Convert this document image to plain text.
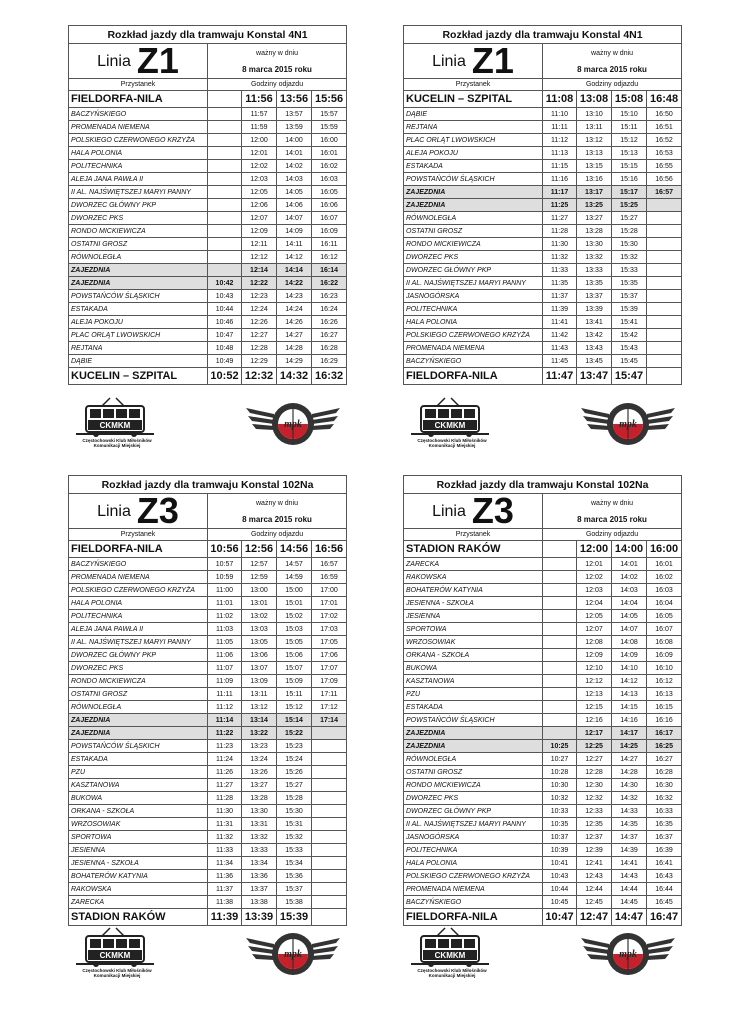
Rozkład jazdy dla tramwaju Konstal 4N1				
Linia Z1	ważny w dniu
8 marca 2015 roku			

Przystanek	Godziny odjazdu			
FIELDORFA-NILA		11:56	13:56	15:56
BACZYŃSKIEGO		11:57	13:57	15:57
PROMENADA NIEMENA		11:59	13:59	15:59
POLSKIEGO CZERWONEGO KRZYŻA		12:00	14:00	16:00
HALA POLONIA		12:01	14:01	16:01
POLITECHNIKA		12:02	14:02	16:02
ALEJA JANA PAWŁA II		12:03	14:03	16:03
II AL. NAJŚWIĘTSZEJ MARYI PANNY		12:05	14:05	16:05
DWORZEC GŁÓWNY PKP		12:06	14:06	16:06
DWORZEC PKS		12:07	14:07	16:07
RONDO MICKIEWICZA		12:09	14:09	16:09
OSTATNI GROSZ		12:11	14:11	16:11
RÓWNOLEGŁA		12:12	14:12	16:12
ZAJEZDNIA		12:14	14:14	16:14
ZAJEZDNIA	10:42	12:22	14:22	16:22
POWSTAŃCÓW ŚLĄSKICH	10:43	12:23	14:23	16:23
ESTAKADA	10:44	12:24	14:24	16:24
ALEJA POKOJU	10:46	12:26	14:26	16:26
PLAC ORLĄT LWOWSKICH	10:47	12:27	14:27	16:27
REJTANA	10:48	12:28	14:28	16:28
DĄBIE	10:49	12:29	14:29	16:29
KUCELIN – SZPITAL	10:52	12:32	14:32	16:32
Rozkład jazdy dla tramwaju Konstal 4N1				
Linia Z1	ważny w dniu
8 marca 2015 roku			

Przystanek	Godziny odjazdu			
KUCELIN – SZPITAL	11:08	13:08	15:08	16:48
DĄBIE	11:10	13:10	15:10	16:50
REJTANA	11:11	13:11	15:11	16:51
PLAC ORLĄT LWOWSKICH	11:12	13:12	15:12	16:52
ALEJA POKOJU	11:13	13:13	15:13	16:53
ESTAKADA	11:15	13:15	15:15	16:55
POWSTAŃCÓW ŚLĄSKICH	11:16	13:16	15:16	16:56
ZAJEZDNIA	11:17	13:17	15:17	16:57
ZAJEZDNIA	11:25	13:25	15:25	
RÓWNOLEGŁA	11:27	13:27	15:27	
OSTATNI GROSZ	11:28	13:28	15:28	
RONDO MICKIEWICZA	11:30	13:30	15:30	
DWORZEC PKS	11:32	13:32	15:32	
DWORZEC GŁÓWNY PKP	11:33	13:33	15:33	
II AL. NAJŚWIĘTSZEJ MARYI PANNY	11:35	13:35	15:35	
JASNOGÓRSKA	11:37	13:37	15:37	
POLITECHNIKA	11:39	13:39	15:39	
HALA POLONIA	11:41	13:41	15:41	
POLSKIEGO CZERWONEGO KRZYŻA	11:42	13:42	15:42	
PROMENADA NIEMENA	11:43	13:43	15:43	
BACZYŃSKIEGO	11:45	13:45	15:45	
FIELDORFA-NILA	11:47	13:47	15:47	
Rozkład jazdy dla tramwaju Konstal 102Na				
Linia Z3	ważny w dniu
8 marca 2015 roku			

Przystanek	Godziny odjazdu			
FIELDORFA-NILA	10:56	12:56	14:56	16:56
BACZYŃSKIEGO	10:57	12:57	14:57	16:57
PROMENADA NIEMENA	10:59	12:59	14:59	16:59
POLSKIEGO CZERWONEGO KRZYŻA	11:00	13:00	15:00	17:00
HALA POLONIA	11:01	13:01	15:01	17:01
POLITECHNIKA	11:02	13:02	15:02	17:02
ALEJA JANA PAWŁA II	11:03	13:03	15:03	17:03
II AL. NAJŚWIĘTSZEJ MARYI PANNY	11:05	13:05	15:05	17:05
DWORZEC GŁÓWNY PKP	11:06	13:06	15:06	17:06
DWORZEC PKS	11:07	13:07	15:07	17:07
RONDO MICKIEWICZA	11:09	13:09	15:09	17:09
OSTATNI GROSZ	11:11	13:11	15:11	17:11
RÓWNOLEGŁA	11:12	13:12	15:12	17:12
ZAJEZDNIA	11:14	13:14	15:14	17:14
ZAJEZDNIA	11:22	13:22	15:22	
POWSTAŃCÓW ŚLĄSKICH	11:23	13:23	15:23	
ESTAKADA	11:24	13:24	15:24	
PZU	11:26	13:26	15:26	
KASZTANOWA	11:27	13:27	15:27	
BUKOWA	11:28	13:28	15:28	
ORKANA - SZKOŁA	11:30	13:30	15:30	
WRZOSOWIAK	11:31	13:31	15:31	
SPORTOWA	11:32	13:32	15:32	
JESIENNA	11:33	13:33	15:33	
JESIENNA - SZKOŁA	11:34	13:34	15:34	
BOHATERÓW KATYNIA	11:36	13:36	15:36	
RAKOWSKA	11:37	13:37	15:37	
ZARECKA	11:38	13:38	15:38	
STADION RAKÓW	11:39	13:39	15:39	
Rozkład jazdy dla tramwaju Konstal 102Na				
Linia Z3	ważny w dniu
8 marca 2015 roku			

Przystanek	Godziny odjazdu			
STADION RAKÓW		12:00	14:00	16:00
ZARECKA		12:01	14:01	16:01
RAKOWSKA		12:02	14:02	16:02
BOHATERÓW KATYNIA		12:03	14:03	16:03
JESIENNA - SZKOŁA		12:04	14:04	16:04
JESIENNA		12:05	14:05	16:05
SPORTOWA		12:07	14:07	16:07
WRZOSOWIAK		12:08	14:08	16:08
ORKANA - SZKOŁA		12:09	14:09	16:09
BUKOWA		12:10	14:10	16:10
KASZTANOWA		12:12	14:12	16:12
PZU		12:13	14:13	16:13
ESTAKADA		12:15	14:15	16:15
POWSTAŃCÓW ŚLĄSKICH		12:16	14:16	16:16
ZAJEZDNIA		12:17	14:17	16:17
ZAJEZDNIA	10:25	12:25	14:25	16:25
RÓWNOLEGŁA	10:27	12:27	14:27	16:27
OSTATNI GROSZ	10:28	12:28	14:28	16:28
RONDO MICKIEWICZA	10:30	12:30	14:30	16:30
DWORZEC PKS	10:32	12:32	14:32	16:32
DWORZEC GŁÓWNY PKP	10:33	12:33	14:33	16:33
II AL. NAJŚWIĘTSZEJ MARYI PANNY	10:35	12:35	14:35	16:35
JASNOGÓRSKA	10:37	12:37	14:37	16:37
POLITECHNIKA	10:39	12:39	14:39	16:39
HALA POLONIA	10:41	12:41	14:41	16:41
POLSKIEGO CZERWONEGO KRZYŻA	10:43	12:43	14:43	16:43
PROMENADA NIEMENA	10:44	12:44	14:44	16:44
BACZYŃSKIEGO	10:45	12:45	14:45	16:45
FIELDORFA-NILA	10:47	12:47	14:47	16:47
CKMKM
Częstochowski Klub Miłośników
Komunikacji Miejskiej
mpk	CKMKM
Częstochowski Klub Miłośników
Komunikacji Miejskiej
mpk
CKMKM
Częstochowski Klub Miłośników
Komunikacji Miejskiej
mpk	CKMKM
Częstochowski Klub Miłośników
Komunikacji Miejskiej
mpk
